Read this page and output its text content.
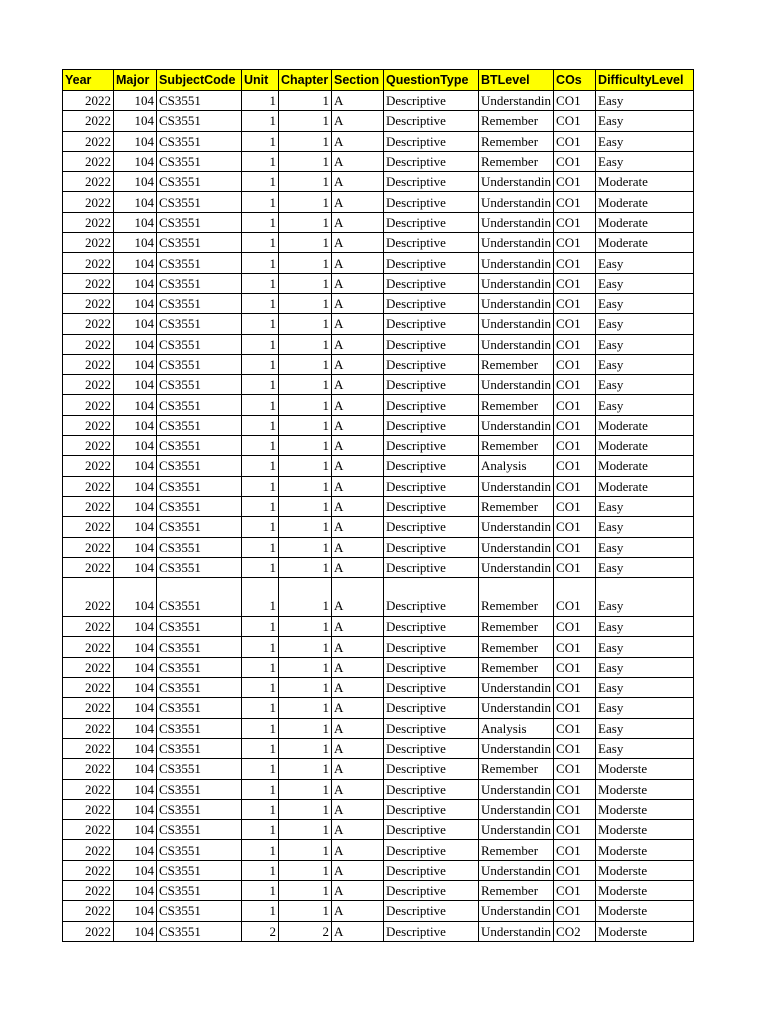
Year	Major	SubjectCode	Unit	Chapter	Section	QuestionType	BTLevel	COs	DifficultyLevel
2022	104	CS3551	1	1	A	Descriptive	Understandin	CO1	Easy
2022	104	CS3551	1	1	A	Descriptive	Remember	CO1	Easy
2022	104	CS3551	1	1	A	Descriptive	Remember	CO1	Easy
2022	104	CS3551	1	1	A	Descriptive	Remember	CO1	Easy
2022	104	CS3551	1	1	A	Descriptive	Understandin	CO1	Moderate
2022	104	CS3551	1	1	A	Descriptive	Understandin	CO1	Moderate
2022	104	CS3551	1	1	A	Descriptive	Understandin	CO1	Moderate
2022	104	CS3551	1	1	A	Descriptive	Understandin	CO1	Moderate
2022	104	CS3551	1	1	A	Descriptive	Understandin	CO1	Easy
2022	104	CS3551	1	1	A	Descriptive	Understandin	CO1	Easy
2022	104	CS3551	1	1	A	Descriptive	Understandin	CO1	Easy
2022	104	CS3551	1	1	A	Descriptive	Understandin	CO1	Easy
2022	104	CS3551	1	1	A	Descriptive	Understandin	CO1	Easy
2022	104	CS3551	1	1	A	Descriptive	Remember	CO1	Easy
2022	104	CS3551	1	1	A	Descriptive	Understandin	CO1	Easy
2022	104	CS3551	1	1	A	Descriptive	Remember	CO1	Easy
2022	104	CS3551	1	1	A	Descriptive	Understandin	CO1	Moderate
2022	104	CS3551	1	1	A	Descriptive	Remember	CO1	Moderate
2022	104	CS3551	1	1	A	Descriptive	Analysis	CO1	Moderate
2022	104	CS3551	1	1	A	Descriptive	Understandin	CO1	Moderate
2022	104	CS3551	1	1	A	Descriptive	Remember	CO1	Easy
2022	104	CS3551	1	1	A	Descriptive	Understandin	CO1	Easy
2022	104	CS3551	1	1	A	Descriptive	Understandin	CO1	Easy
2022	104	CS3551	1	1	A	Descriptive	Understandin	CO1	Easy
2022	104	CS3551	1	1	A	Descriptive	Remember	CO1	Easy
2022	104	CS3551	1	1	A	Descriptive	Remember	CO1	Easy
2022	104	CS3551	1	1	A	Descriptive	Remember	CO1	Easy
2022	104	CS3551	1	1	A	Descriptive	Remember	CO1	Easy
2022	104	CS3551	1	1	A	Descriptive	Understandin	CO1	Easy
2022	104	CS3551	1	1	A	Descriptive	Understandin	CO1	Easy
2022	104	CS3551	1	1	A	Descriptive	Analysis	CO1	Easy
2022	104	CS3551	1	1	A	Descriptive	Understandin	CO1	Easy
2022	104	CS3551	1	1	A	Descriptive	Remember	CO1	Moderste
2022	104	CS3551	1	1	A	Descriptive	Understandin	CO1	Moderste
2022	104	CS3551	1	1	A	Descriptive	Understandin	CO1	Moderste
2022	104	CS3551	1	1	A	Descriptive	Understandin	CO1	Moderste
2022	104	CS3551	1	1	A	Descriptive	Remember	CO1	Moderste
2022	104	CS3551	1	1	A	Descriptive	Understandin	CO1	Moderste
2022	104	CS3551	1	1	A	Descriptive	Remember	CO1	Moderste
2022	104	CS3551	1	1	A	Descriptive	Understandin	CO1	Moderste
2022	104	CS3551	2	2	A	Descriptive	Understandin	CO2	Moderste
